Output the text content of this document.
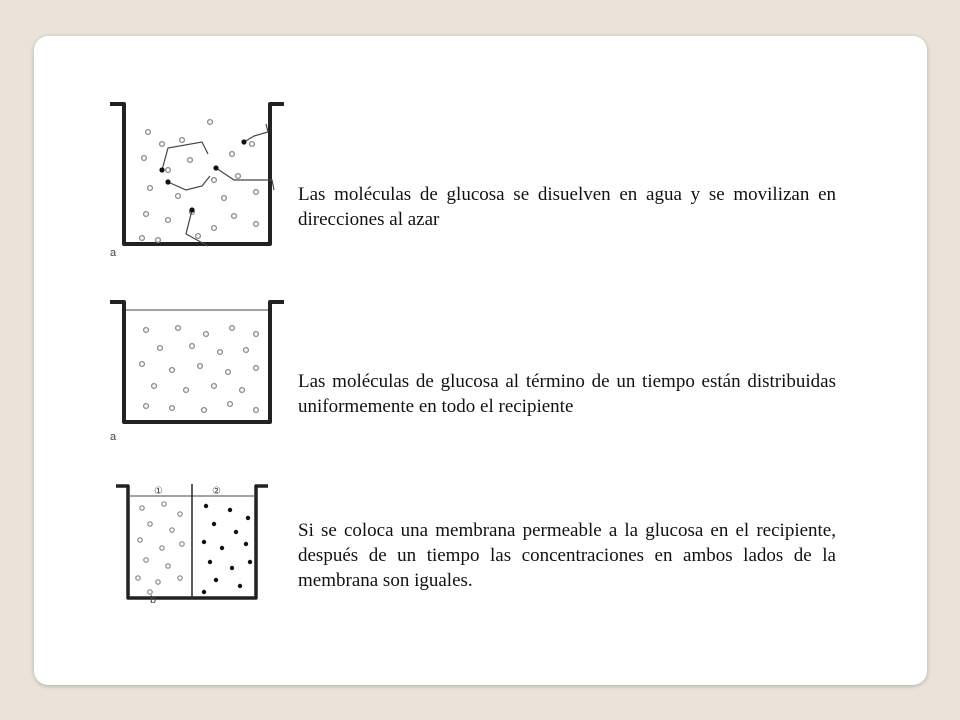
a
a
①	②
b
Las moléculas de glucosa se disuelven en agua y se movilizan en direcciones al azar
Las moléculas de glucosa al término de un tiempo están distribuidas uniformemente en todo el recipiente
Si se coloca una membrana permeable a la glucosa en el recipiente, después de un tiempo las concentraciones en ambos lados de la membrana son iguales.
